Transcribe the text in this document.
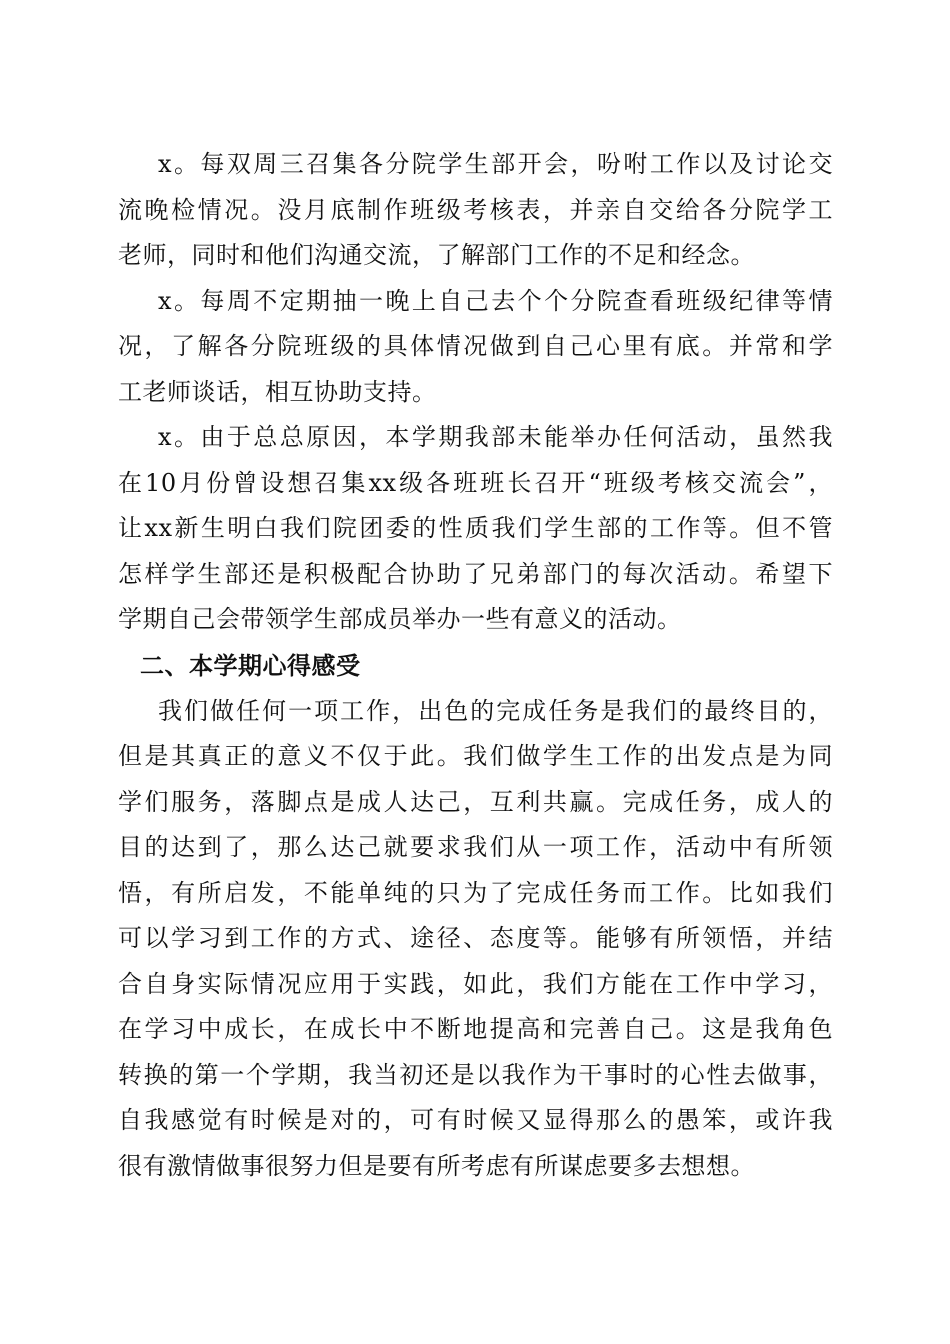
x。每双周三召集各分院学生部开会，吩咐工作以及讨论交
流晚检情况。没月底制作班级考核表，并亲自交给各分院学工
老师，同时和他们沟通交流，了解部门工作的不足和经念。
x。每周不定期抽一晚上自己去个个分院查看班级纪律等情
况，了解各分院班级的具体情况做到自己心里有底。并常和学
工老师谈话，相互协助支持。
x。由于总总原因，本学期我部未能举办任何活动，虽然我
在10月份曾设想召集xx级各班班长召开“班级考核交流会”，
让xx新生明白我们院团委的性质我们学生部的工作等。但不管
怎样学生部还是积极配合协助了兄弟部门的每次活动。希望下
学期自己会带领学生部成员举办一些有意义的活动。
二、本学期心得感受
我们做任何一项工作，出色的完成任务是我们的最终目的，
但是其真正的意义不仅于此。我们做学生工作的出发点是为同
学们服务，落脚点是成人达己，互利共赢。完成任务，成人的
目的达到了，那么达己就要求我们从一项工作，活动中有所领
悟，有所启发，不能单纯的只为了完成任务而工作。比如我们
可以学习到工作的方式、途径、态度等。能够有所领悟，并结
合自身实际情况应用于实践，如此，我们方能在工作中学习，
在学习中成长，在成长中不断地提高和完善自己。这是我角色
转换的第一个学期，我当初还是以我作为干事时的心性去做事，
自我感觉有时候是对的，可有时候又显得那么的愚笨，或许我
很有激情做事很努力但是要有所考虑有所谋虑要多去想想。
